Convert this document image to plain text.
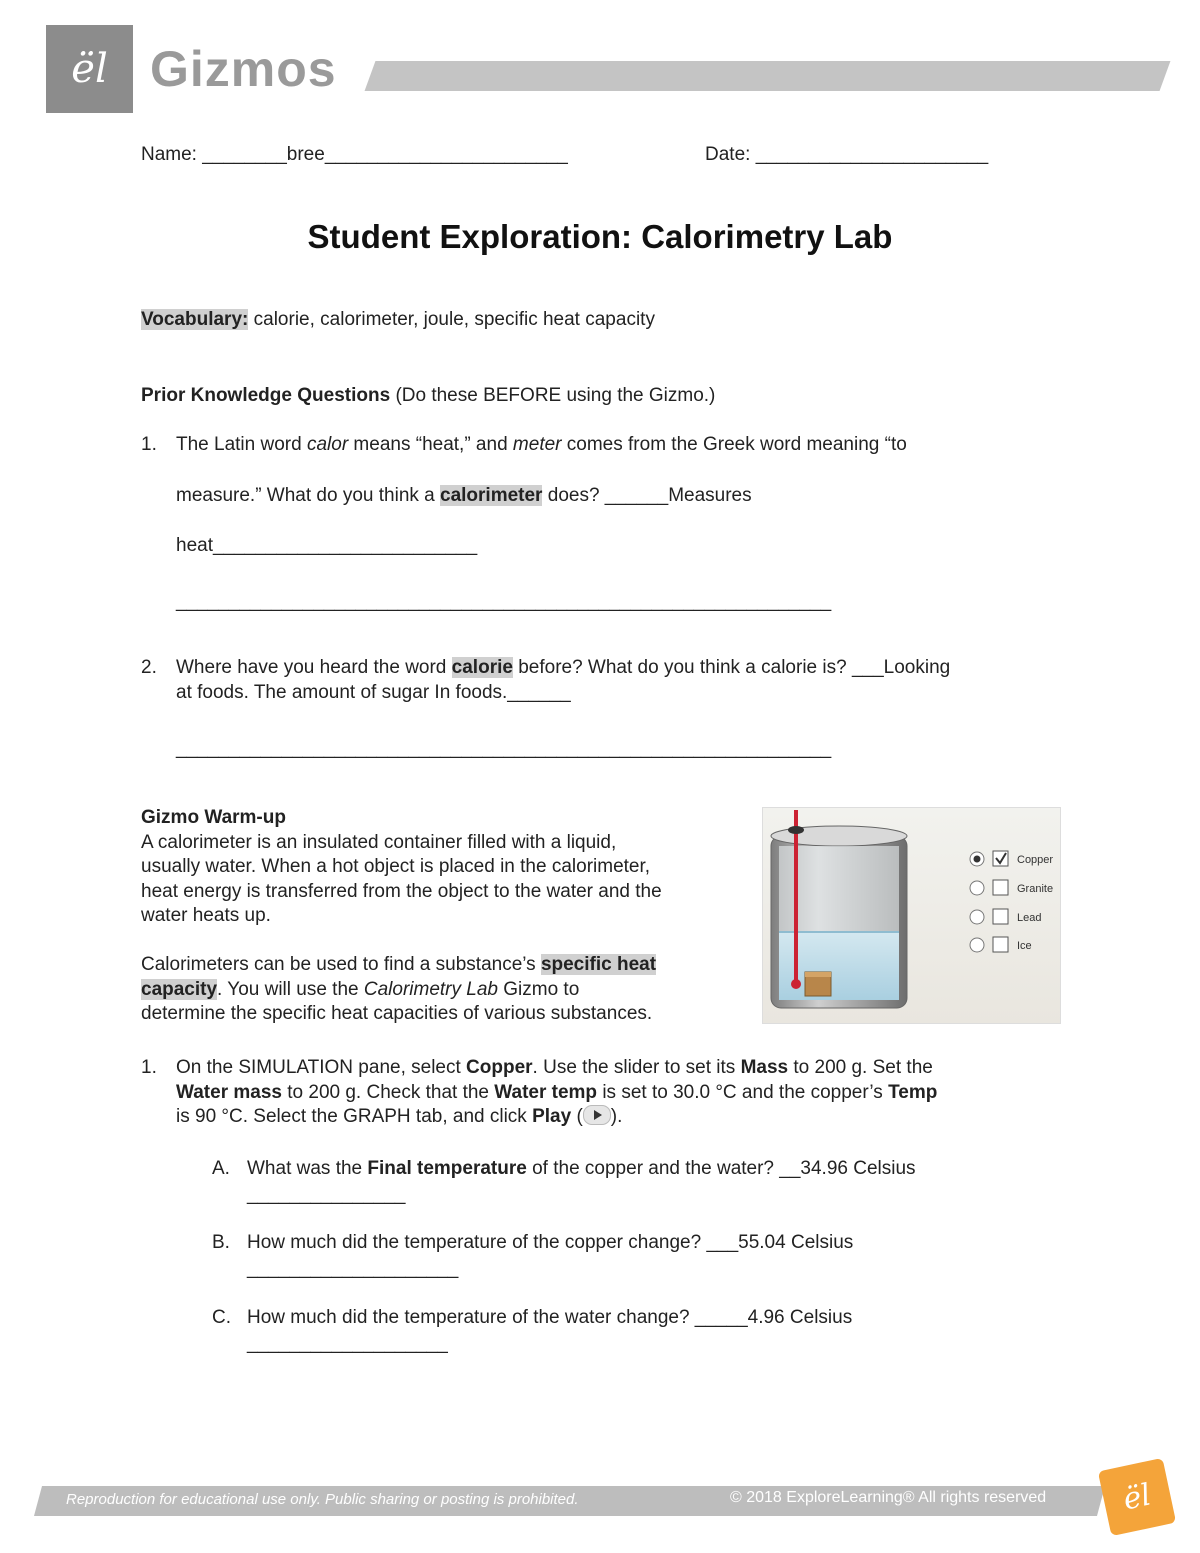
ël Gizmos
Name: ________bree_______________________	Date: ______________________
Student Exploration: Calorimetry Lab
Vocabulary: calorie, calorimeter, joule, specific heat capacity
Prior Knowledge Questions (Do these BEFORE using the Gizmo.)
1. The Latin word calor means “heat,” and meter comes from the Greek word meaning “to
measure.” What do you think a calorimeter does? ______Measures
heat_________________________
______________________________________________________________
2. Where have you heard the word calorie before? What do you think a calorie is? ___Looking
at foods. The amount of sugar In foods.______
______________________________________________________________
Gizmo Warm-up
A calorimeter is an insulated container filled with a liquid,
usually water. When a hot object is placed in the calorimeter,
heat energy is transferred from the object to the water and the
water heats up.
Calorimeters can be used to find a substance’s specific heat
capacity. You will use the Calorimetry Lab Gizmo to
determine the specific heat capacities of various substances.
Copper
Granite
Lead
Ice
1. On the SIMULATION pane, select Copper. Use the slider to set its Mass to 200 g. Set the
Water mass to 200 g. Check that the Water temp is set to 30.0 °C and the copper’s Temp
is 90 °C. Select the GRAPH tab, and click Play ( ).
A. What was the Final temperature of the copper and the water? __34.96 Celsius
_______________
B. How much did the temperature of the copper change? ___55.04 Celsius
____________________
C. How much did the temperature of the water change? _____4.96 Celsius
___________________
Reproduction for educational use only. Public sharing or posting is prohibited.	© 2018 ExploreLearning® All rights reserved	ël
